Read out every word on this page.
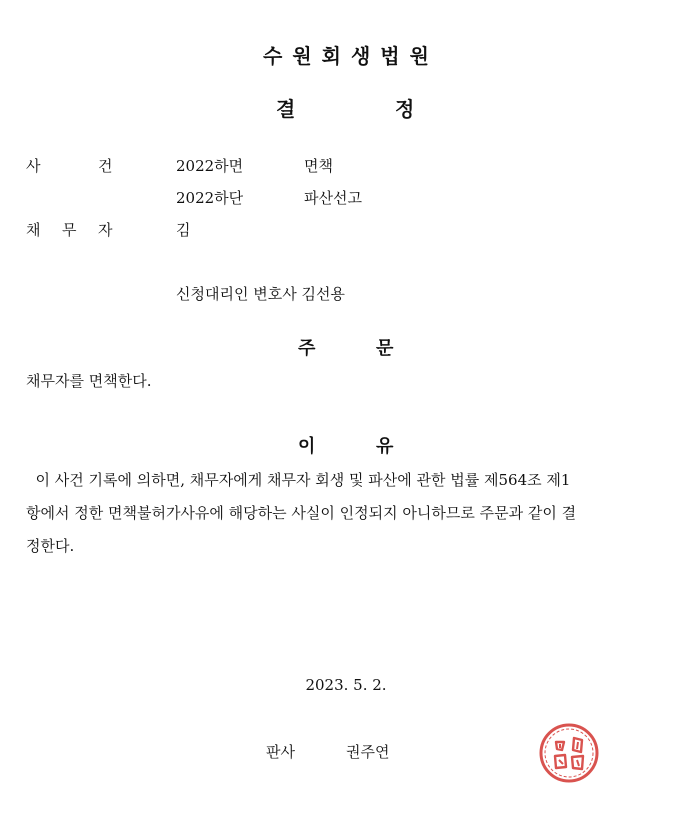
수원회생법원
결	정
사	건	2022하면	면책
2022하단	파산선고
채 무 자	김
신청대리인 변호사 김선용
주	문
채무자를 면책한다.
이	유
이 사건 기록에 의하면, 채무자에게 채무자 회생 및 파산에 관한 법률 제564조 제1
항에서 정한 면책불허가사유에 해당하는 사실이 인정되지 아니하므로 주문과 같이 결
정한다.
2023. 5. 2.
판사	권주연
